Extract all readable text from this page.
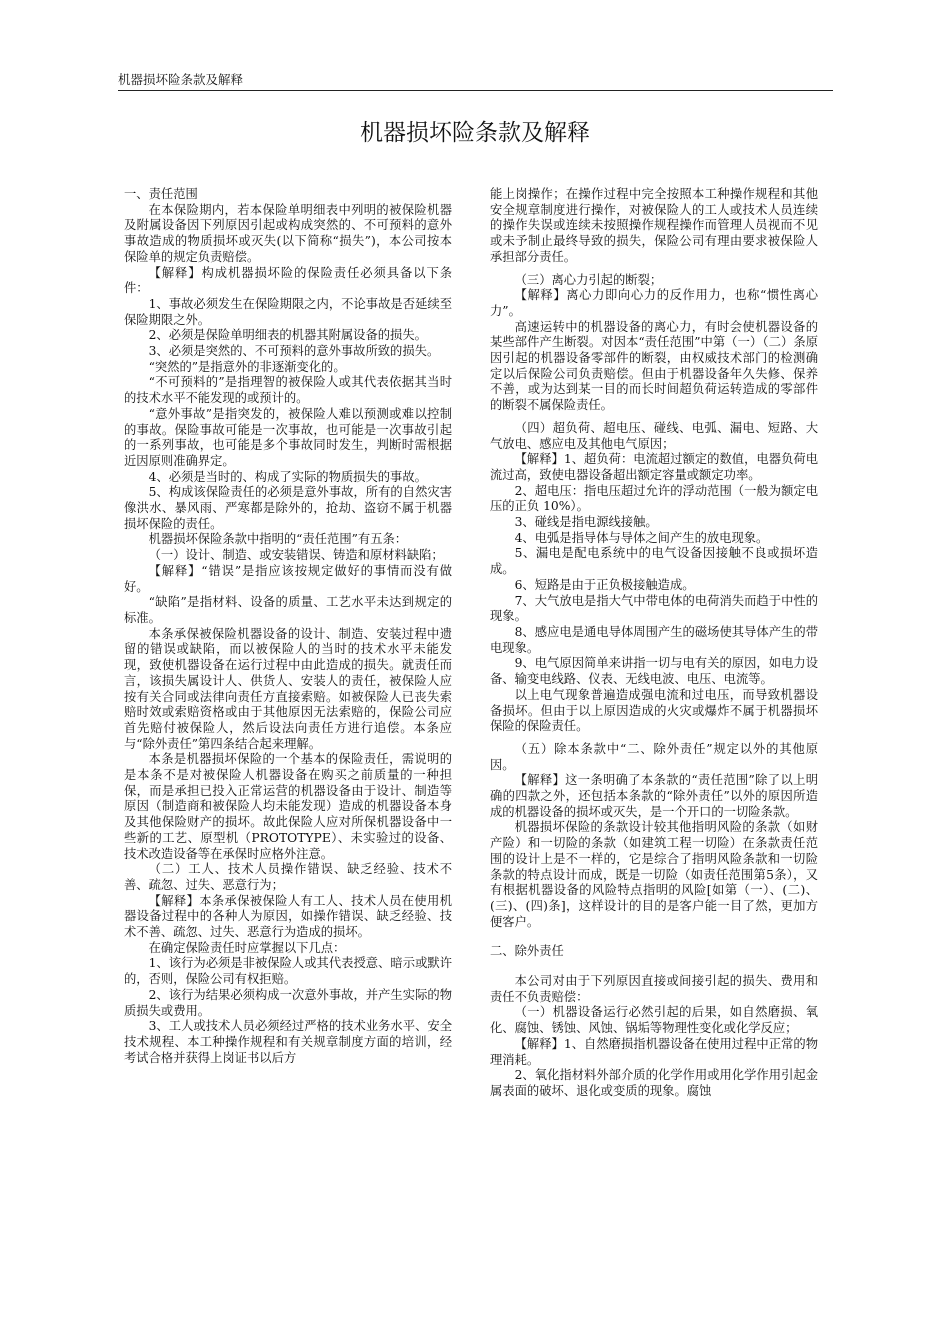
机器损坏险条款及解释
机器损坏险条款及解释

一、责任范围

在本保险期内，若本保险单明细表中列明的被保险机器及附属设备因下列原因引起或构成突然的、不可预料的意外事故造成的物质损坏或灭失(以下简称“损失”)，本公司按本保险单的规定负责赔偿。

【解释】构成机器损坏险的保险责任必须具备以下条件：

1、事故必须发生在保险期限之内，不论事故是否延续至保险期限之外。

2、必须是保险单明细表的机器其附属设备的损失。

3、必须是突然的、不可预料的意外事故所致的损失。

“突然的”是指意外的非逐渐变化的。

“不可预料的”是指理智的被保险人或其代表依据其当时的技术水平不能发现的或预计的。

“意外事故”是指突发的，被保险人难以预测或难以控制的事故。保险事故可能是一次事故，也可能是一次事故引起的一系列事故，也可能是多个事故同时发生，判断时需根据近因原则准确界定。

4、必须是当时的、构成了实际的物质损失的事故。

5、构成该保险责任的必须是意外事故，所有的自然灾害像洪水、暴风雨、严寒都是除外的，抢劫、盗窃不属于机器损坏保险的责任。

机器损坏保险条款中指明的“责任范围”有五条：

（一）设计、制造、或安装错误、铸造和原材料缺陷；

【解释】“错误”是指应该按规定做好的事情而没有做好。

“缺陷”是指材料、设备的质量、工艺水平未达到规定的标准。

本条承保被保险机器设备的设计、制造、安装过程中遗留的错误或缺陷，而以被保险人的当时的技术水平未能发现，致使机器设备在运行过程中由此造成的损失。就责任而言，该损失属设计人、供货人、安装人的责任，被保险人应按有关合同或法律向责任方直接索赔。如被保险人已丧失索赔时效或索赔资格或由于其他原因无法索赔的，保险公司应首先赔付被保险人，然后设法向责任方进行追偿。本条应与“除外责任”第四条结合起来理解。

本条是机器损坏保险的一个基本的保险责任，需说明的是本条不是对被保险人机器设备在购买之前质量的一种担保，而是承担已投入正常运营的机器设备由于设计、制造等原因（制造商和被保险人均未能发现）造成的机器设备本身及其他保险财产的损坏。故此保险人应对所保机器设备中一些新的工艺、原型机（PROTOTYPE）、未实验过的设备、技术改造设备等在承保时应格外注意。

（二）工人、技术人员操作错误、缺乏经验、技术不善、疏忽、过失、恶意行为；

【解释】本条承保被保险人有工人、技术人员在使用机器设备过程中的各种人为原因，如操作错误、缺乏经验、技术不善、疏忽、过失、恶意行为造成的损坏。

在确定保险责任时应掌握以下几点：

1、该行为必须是非被保险人或其代表授意、暗示或默许的，否则，保险公司有权拒赔。

2、该行为结果必须构成一次意外事故，并产生实际的物质损失或费用。

3、工人或技术人员必须经过严格的技术业务水平、安全技术规程、本工种操作规程和有关规章制度方面的培训，经考试合格并获得上岗证书以后方

能上岗操作；在操作过程中完全按照本工种操作规程和其他安全规章制度进行操作，对被保险人的工人或技术人员连续的操作失误或连续未按照操作规程操作而管理人员视而不见或未予制止最终导致的损失，保险公司有理由要求被保险人承担部分责任。

（三）离心力引起的断裂；

【解释】离心力即向心力的反作用力，也称“惯性离心力”。

高速运转中的机器设备的离心力，有时会使机器设备的某些部件产生断裂。对因本“责任范围”中第（一）（二）条原因引起的机器设备零部件的断裂，由权威技术部门的检测确定以后保险公司负责赔偿。但由于机器设备年久失修、保养不善，或为达到某一目的而长时间超负荷运转造成的零部件的断裂不属保险责任。

（四）超负荷、超电压、碰线、电弧、漏电、短路、大气放电、感应电及其他电气原因；

【解释】1、超负荷：电流超过额定的数值，电器负荷电流过高，致使电器设备超出额定容量或额定功率。

2、超电压：指电压超过允许的浮动范围（一般为额定电压的正负 10%）。

3、碰线是指电源线接触。

4、电弧是指导体与导体之间产生的放电现象。

5、漏电是配电系统中的电气设备因接触不良或损坏造成。

6、短路是由于正负极接触造成。

7、大气放电是指大气中带电体的电荷消失而趋于中性的现象。

8、感应电是通电导体周围产生的磁场使其导体产生的带电现象。

9、电气原因简单来讲指一切与电有关的原因，如电力设备、输变电线路、仪表、无线电波、电压、电流等。

以上电气现象普遍造成强电流和过电压，而导致机器设备损坏。但由于以上原因造成的火灾或爆炸不属于机器损坏保险的保险责任。

（五）除本条款中“二、除外责任”规定以外的其他原因。

【解释】这一条明确了本条款的“责任范围”除了以上明确的四款之外，还包括本条款的“除外责任”以外的原因所造成的机器设备的损坏或灭失，是一个开口的一切险条款。

机器损坏保险的条款设计较其他指明风险的条款（如财产险）和一切险的条款（如建筑工程一切险）在条款责任范围的设计上是不一样的，它是综合了指明风险条款和一切险条款的特点设计而成，既是一切险（如责任范围第5条），又有根据机器设备的风险特点指明的风险[如第（一）、(二)、(三)、(四)条]，这样设计的目的是客户能一目了然，更加方便客户。

二、除外责任

本公司对由于下列原因直接或间接引起的损失、费用和责任不负责赔偿：

（一）机器设备运行必然引起的后果，如自然磨损、氧化、腐蚀、锈蚀、风蚀、锅垢等物理性变化或化学反应；

【解释】1、自然磨损指机器设备在使用过程中正常的物理消耗。

2、氧化指材料外部介质的化学作用或用化学作用引起金属表面的破坏、退化或变质的现象。腐蚀
